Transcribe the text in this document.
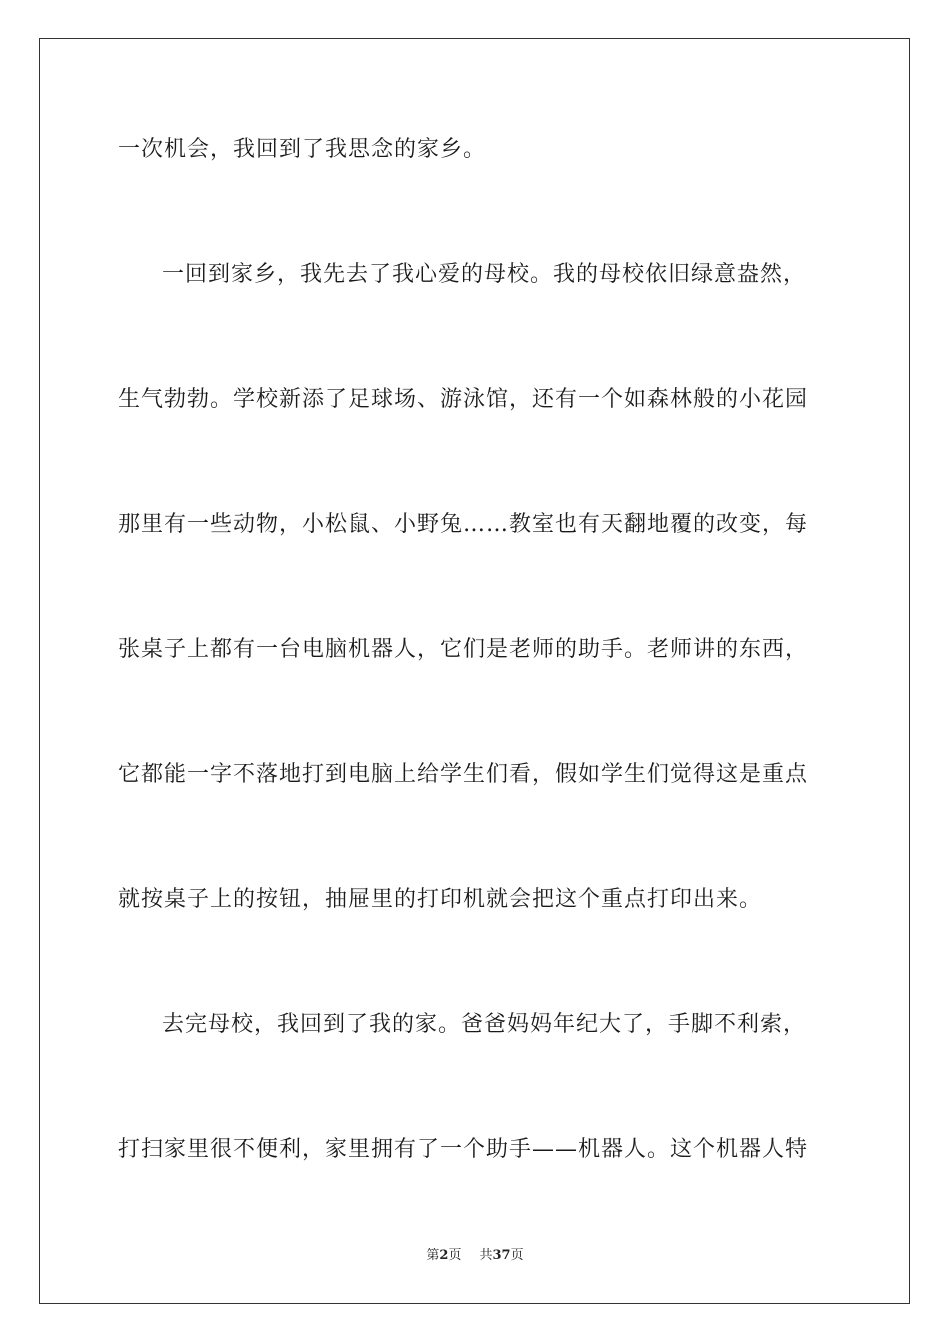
一次机会，我回到了我思念的家乡。
一回到家乡，我先去了我心爱的母校。我的母校依旧绿意盎然，
生气勃勃。学校新添了足球场、游泳馆，还有一个如森林般的小花园
那里有一些动物，小松鼠、小野兔……教室也有天翻地覆的改变，每
张桌子上都有一台电脑机器人，它们是老师的助手。老师讲的东西，
它都能一字不落地打到电脑上给学生们看，假如学生们觉得这是重点
就按桌子上的按钮，抽屉里的打印机就会把这个重点打印出来。
去完母校，我回到了我的家。爸爸妈妈年纪大了，手脚不利索，
打扫家里很不便利，家里拥有了一个助手——机器人。这个机器人特
第2页 共37页
